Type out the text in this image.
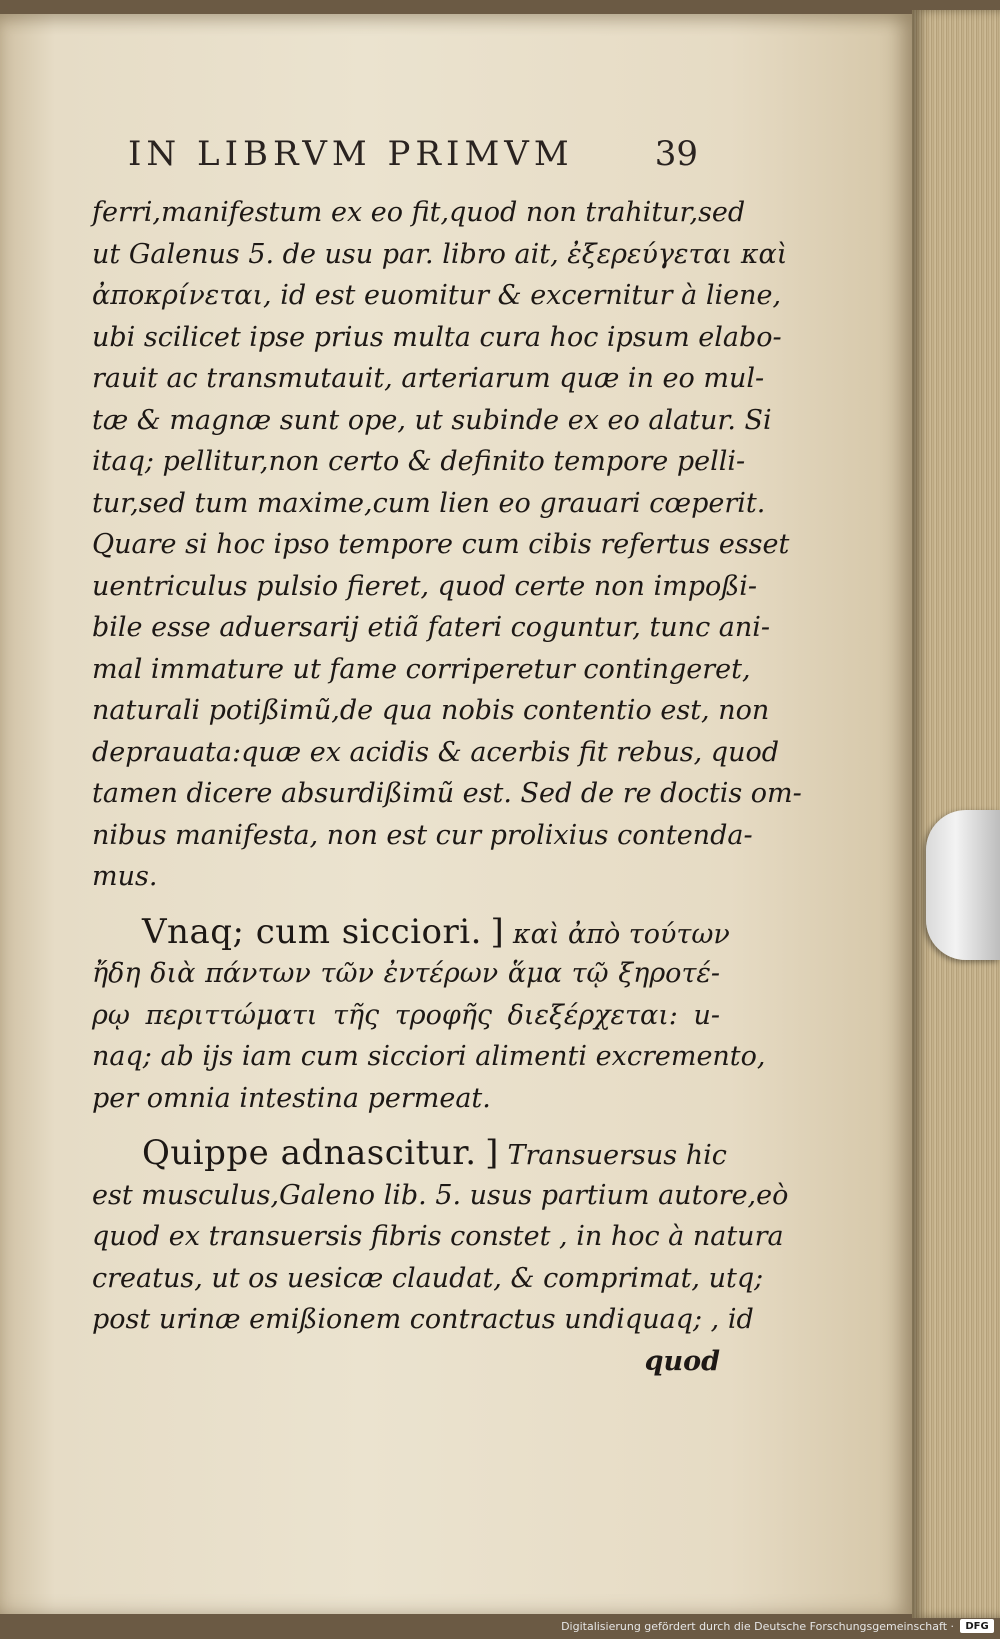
IN LIBRVM PRIMVM 39
ferri,manifestum ex eo fit,quod non trahitur,sed
ut Galenus 5. de usu par. libro ait, ἐξερεύγεται καὶ
ἀποκρίνεται, id est euomitur & excernitur à liene,
ubi scilicet ipse prius multa cura hoc ipsum elabo-
rauit ac transmutauit, arteriarum quæ in eo mul-
tæ & magnæ sunt ope, ut subinde ex eo alatur. Si
itaq; pellitur,non certo & definito tempore pelli-
tur,sed tum maxime,cum lien eo grauari cœperit.
Quare si hoc ipso tempore cum cibis refertus esset
uentriculus pulsio fieret, quod certe non impoßi-
bile esse aduersarij etiã fateri coguntur, tunc ani-
mal immature ut fame corriperetur contingeret,
naturali potißimũ,de qua nobis contentio est, non
deprauata:quæ ex acidis & acerbis fit rebus, quod
tamen dicere absurdißimũ est. Sed de re doctis om-
nibus manifesta, non est cur prolixius contenda-
mus.
Vnaq; cum sicciori. ] καὶ ἀπὸ τούτων
ἤδη διὰ πάντων τῶν ἐντέρων ἅμα τῷ ξηροτέ-
ρῳ περιττώματι τῆς τροφῆς διεξέρχεται: u-
naq; ab ijs iam cum sicciori alimenti excremento,
per omnia intestina permeat.
Quippe adnascitur. ] Transuersus hic
est musculus,Galeno lib. 5. usus partium autore,eò
quod ex transuersis fibris constet , in hoc à natura
creatus, ut os uesicæ claudat, & comprimat, utq;
post urinæ emißionem contractus undiquaq; , id
quod
Digitalisierung gefördert durch die Deutsche Forschungsgemeinschaft ·	DFG
